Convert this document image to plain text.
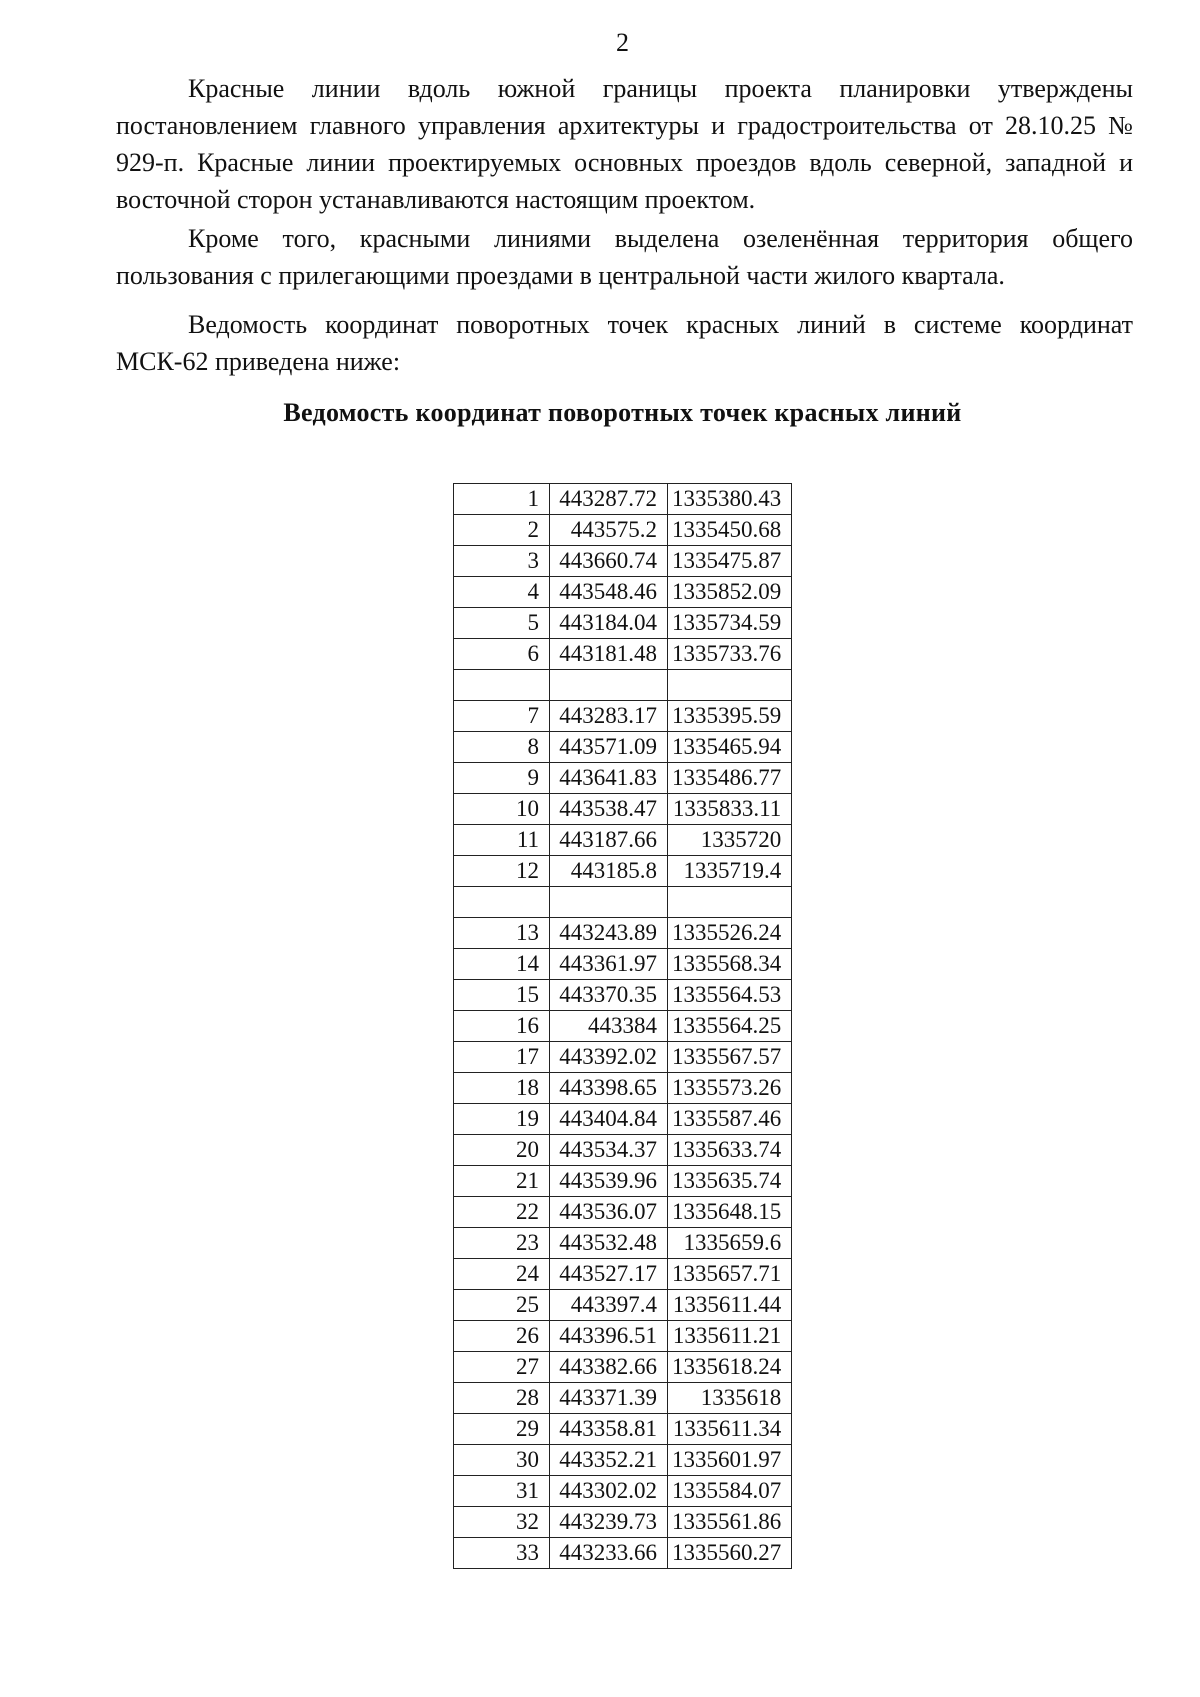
2

Красные линии вдоль южной границы проекта планировки утверждены постановлением главного управления архитектуры и градостроительства от 28.10.25 № 929-п. Красные линии проектируемых основных проездов вдоль северной, западной и восточной сторон устанавливаются настоящим проектом.

Кроме того, красными линиями выделена озеленённая территория общего пользования с прилегающими проездами в центральной части жилого квартала.

Ведомость координат поворотных точек красных линий в системе координат МСК-62 приведена ниже:

Ведомость координат поворотных точек красных линий
1	443287.72	1335380.43
2	443575.2	1335450.68
3	443660.74	1335475.87
4	443548.46	1335852.09
5	443184.04	1335734.59
6	443181.48	1335733.76

7	443283.17	1335395.59
8	443571.09	1335465.94
9	443641.83	1335486.77
10	443538.47	1335833.11
11	443187.66	1335720
12	443185.8	1335719.4

13	443243.89	1335526.24
14	443361.97	1335568.34
15	443370.35	1335564.53
16	443384	1335564.25
17	443392.02	1335567.57
18	443398.65	1335573.26
19	443404.84	1335587.46
20	443534.37	1335633.74
21	443539.96	1335635.74
22	443536.07	1335648.15
23	443532.48	1335659.6
24	443527.17	1335657.71
25	443397.4	1335611.44
26	443396.51	1335611.21
27	443382.66	1335618.24
28	443371.39	1335618
29	443358.81	1335611.34
30	443352.21	1335601.97
31	443302.02	1335584.07
32	443239.73	1335561.86
33	443233.66	1335560.27
